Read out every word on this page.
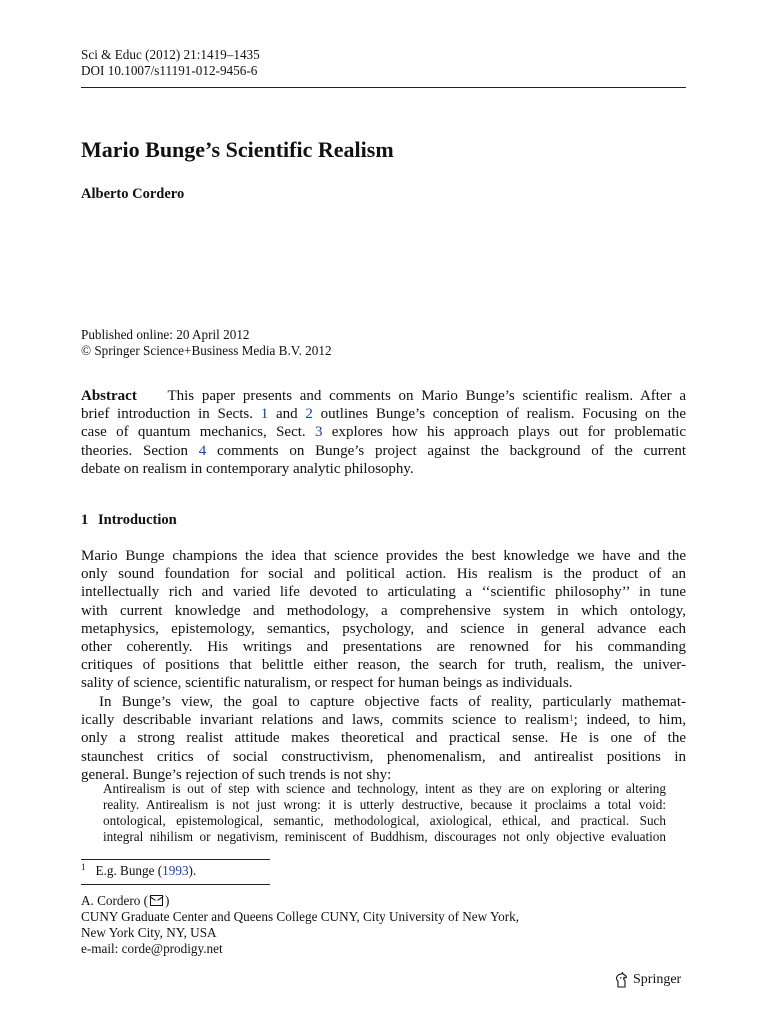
Sci & Educ (2012) 21:1419–1435
DOI 10.1007/s11191-012-9456-6
Mario Bunge’s Scientific Realism
Alberto Cordero
Published online: 20 April 2012
© Springer Science+Business Media B.V. 2012
Abstract This paper presents and comments on Mario Bunge’s scientific realism. After a
brief introduction in Sects. 1 and 2 outlines Bunge’s conception of realism. Focusing on the
case of quantum mechanics, Sect. 3 explores how his approach plays out for problematic
theories. Section 4 comments on Bunge’s project against the background of the current
debate on realism in contemporary analytic philosophy.
1 Introduction
Mario Bunge champions the idea that science provides the best knowledge we have and the
only sound foundation for social and political action. His realism is the product of an
intellectually rich and varied life devoted to articulating a ‘‘scientific philosophy’’ in tune
with current knowledge and methodology, a comprehensive system in which ontology,
metaphysics, epistemology, semantics, psychology, and science in general advance each
other coherently. His writings and presentations are renowned for his commanding
critiques of positions that belittle either reason, the search for truth, realism, the univer-
sality of science, scientific naturalism, or respect for human beings as individuals.
In Bunge’s view, the goal to capture objective facts of reality, particularly mathemat-
ically describable invariant relations and laws, commits science to realism$^1$; indeed, to him,
only a strong realist attitude makes theoretical and practical sense. He is one of the
staunchest critics of social constructivism, phenomenalism, and antirealist positions in
general. Bunge’s rejection of such trends is not shy:
Antirealism is out of step with science and technology, intent as they are on exploring or altering
reality. Antirealism is not just wrong: it is utterly destructive, because it proclaims a total void:
ontological, epistemological, semantic, methodological, axiological, ethical, and practical. Such
integral nihilism or negativism, reminiscent of Buddhism, discourages not only objective evaluation
$^1$ E.g. Bunge (1993).
A. Cordero ( )
CUNY Graduate Center and Queens College CUNY, City University of New York,
New York City, NY, USA
e-mail: corde@prodigy.net
Springer
